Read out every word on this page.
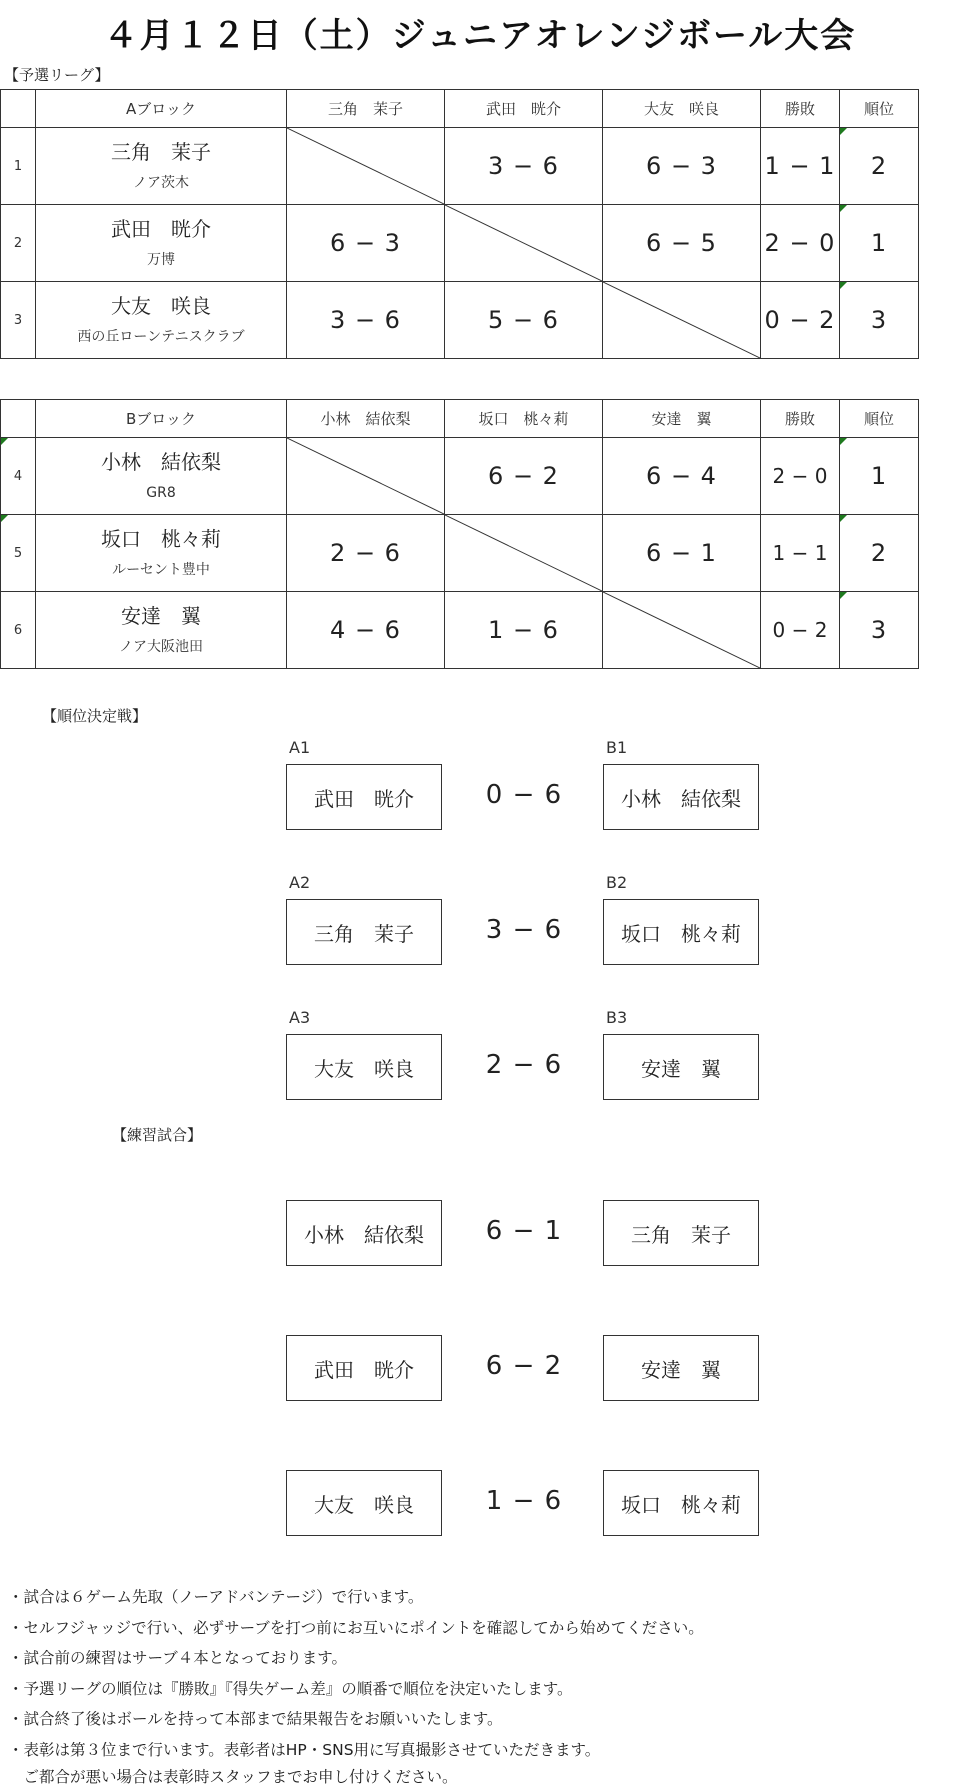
４月１２日（土）ジュニアオレンジボール大会
【予選リーグ】
	Aブロック	三角　茉子	武田　晄介	大友　咲良	勝敗	順位
1	三角　茉子
ノア茨木		3 − 6	6 − 3	1 − 1	2
2	武田　晄介
万博	6 − 3		6 − 5	2 − 0	1
3	大友　咲良
西の丘ローンテニスクラブ	3 − 6	5 − 6		0 − 2	3
	Bブロック	小林　結依梨	坂口　桃々莉	安達　翼	勝敗	順位

4	小林　結依梨
GR8		6 − 2	6 − 4	2 − 0	1

5	坂口　桃々莉
ルーセント豊中	2 − 6		6 − 1	1 − 1	2
6	安達　翼
ノア大阪池田	4 − 6	1 − 6		0 − 2	3
【順位決定戦】
A1	B1
武田　晄介	0 − 6	小林　結依梨
A2	B2
三角　茉子	3 − 6	坂口　桃々莉
A3	B3
大友　咲良	2 − 6	安達　翼
【練習試合】
小林　結依梨	6 − 1	三角　茉子
武田　晄介	6 − 2	安達　翼
大友　咲良	1 − 6	坂口　桃々莉
・試合は６ゲーム先取（ノーアドバンテージ）で行います。
・セルフジャッジで行い、必ずサーブを打つ前にお互いにポイントを確認してから始めてください。
・試合前の練習はサーブ４本となっております。
・予選リーグの順位は『勝敗』『得失ゲーム差』の順番で順位を決定いたします。
・試合終了後はボールを持って本部まで結果報告をお願いいたします。
・表彰は第３位まで行います。表彰者はHP・SNS用に写真撮影させていただきます。
　ご都合が悪い場合は表彰時スタッフまでお申し付けください。
